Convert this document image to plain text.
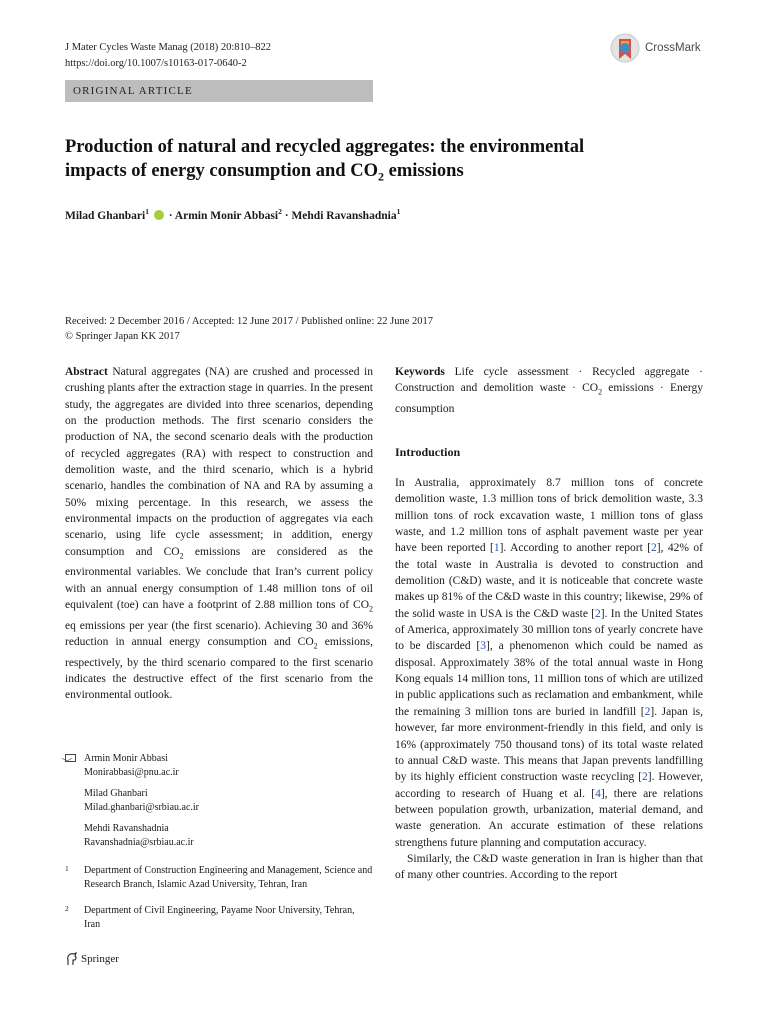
J Mater Cycles Waste Manag (2018) 20:810–822
https://doi.org/10.1007/s10163-017-0640-2
CrossMark
ORIGINAL ARTICLE
Production of natural and recycled aggregates: the environmental
impacts of energy consumption and $CO_2$ emissions
Milad Ghanbari$^1$  · Armin Monir Abbasi$^2$ · Mehdi Ravanshadnia$^1$
Received: 2 December 2016 / Accepted: 12 June 2017 / Published online: 22 June 2017
© Springer Japan KK 2017
Abstract Natural aggregates (NA) are crushed and processed in crushing plants after the extraction stage in quarries. In the present study, the aggregates are divided into three scenarios, depending on the production methods. The first scenario considers the production of NA, the second scenario deals with the production of recycled aggregates (RA) with respect to construction and demolition waste, and the third scenario, which is a hybrid scenario, handles the combination of NA and RA by assuming a 50% mixing percentage. In this research, we assess the environmental impacts on the production of aggregates via each scenario, using life cycle assessment; in addition, energy consumption and $CO_2$ emissions are considered as the environmental variables. We conclude that Iran’s current policy with an annual energy consumption of 1.48 million tons of oil equivalent (toe) can have a footprint of 2.88 million tons of $CO_2$ eq emissions per year (the first scenario). Achieving 30 and 36% reduction in annual energy consumption and $CO_2$ emissions, respectively, by the third scenario compared to the first scenario indicates the destructive effect of the first scenario from the environmental outlook.
Armin Monir Abbasi
Monirabbasi@pnu.ac.ir
Milad Ghanbari
Milad.ghanbari@srbiau.ac.ir
Mehdi Ravanshadnia
Ravanshadnia@srbiau.ac.ir
1 Department of Construction Engineering and Management, Science and Research Branch, Islamic Azad University, Tehran, Iran
2 Department of Civil Engineering, Payame Noor University, Tehran, Iran
Keywords Life cycle assessment · Recycled aggregate · Construction and demolition waste · $CO_2$ emissions · Energy consumption
Introduction
In Australia, approximately 8.7 million tons of concrete demolition waste, 1.3 million tons of brick demolition waste, 3.3 million tons of rock excavation waste, 1 million tons of glass waste, and 1.2 million tons of asphalt pavement waste per year have been reported [1]. According to another report [2], 42% of the total waste in Australia is devoted to construction and demolition (C&D) waste, and it is noticeable that concrete waste makes up 81% of the C&D waste in this country; likewise, 29% of the solid waste in USA is the C&D waste [2]. In the United States of America, approximately 30 million tons of yearly concrete have to be discarded [3], a phenomenon which could be named as disposal. Approximately 38% of the total annual waste in Hong Kong equals 14 million tons, 11 million tons of which are utilized in public applications such as reclamation and embankment, while the remaining 3 million tons are buried in landfill [2]. Japan is, however, far more environment-friendly in this field, and only is 16% (approximately 750 thousand tons) of its total waste related to annual C&D waste. This means that Japan prevents landfilling by its highly efficient construction waste recycling [2]. However, according to research of Huang et al. [4], there are relations between population growth, urbanization, material demand, and waste generation. An accurate estimation of these relations strengthens future planning and computation accuracy.
Similarly, the C&D waste generation in Iran is higher than that of many other countries. According to the report
Springer
